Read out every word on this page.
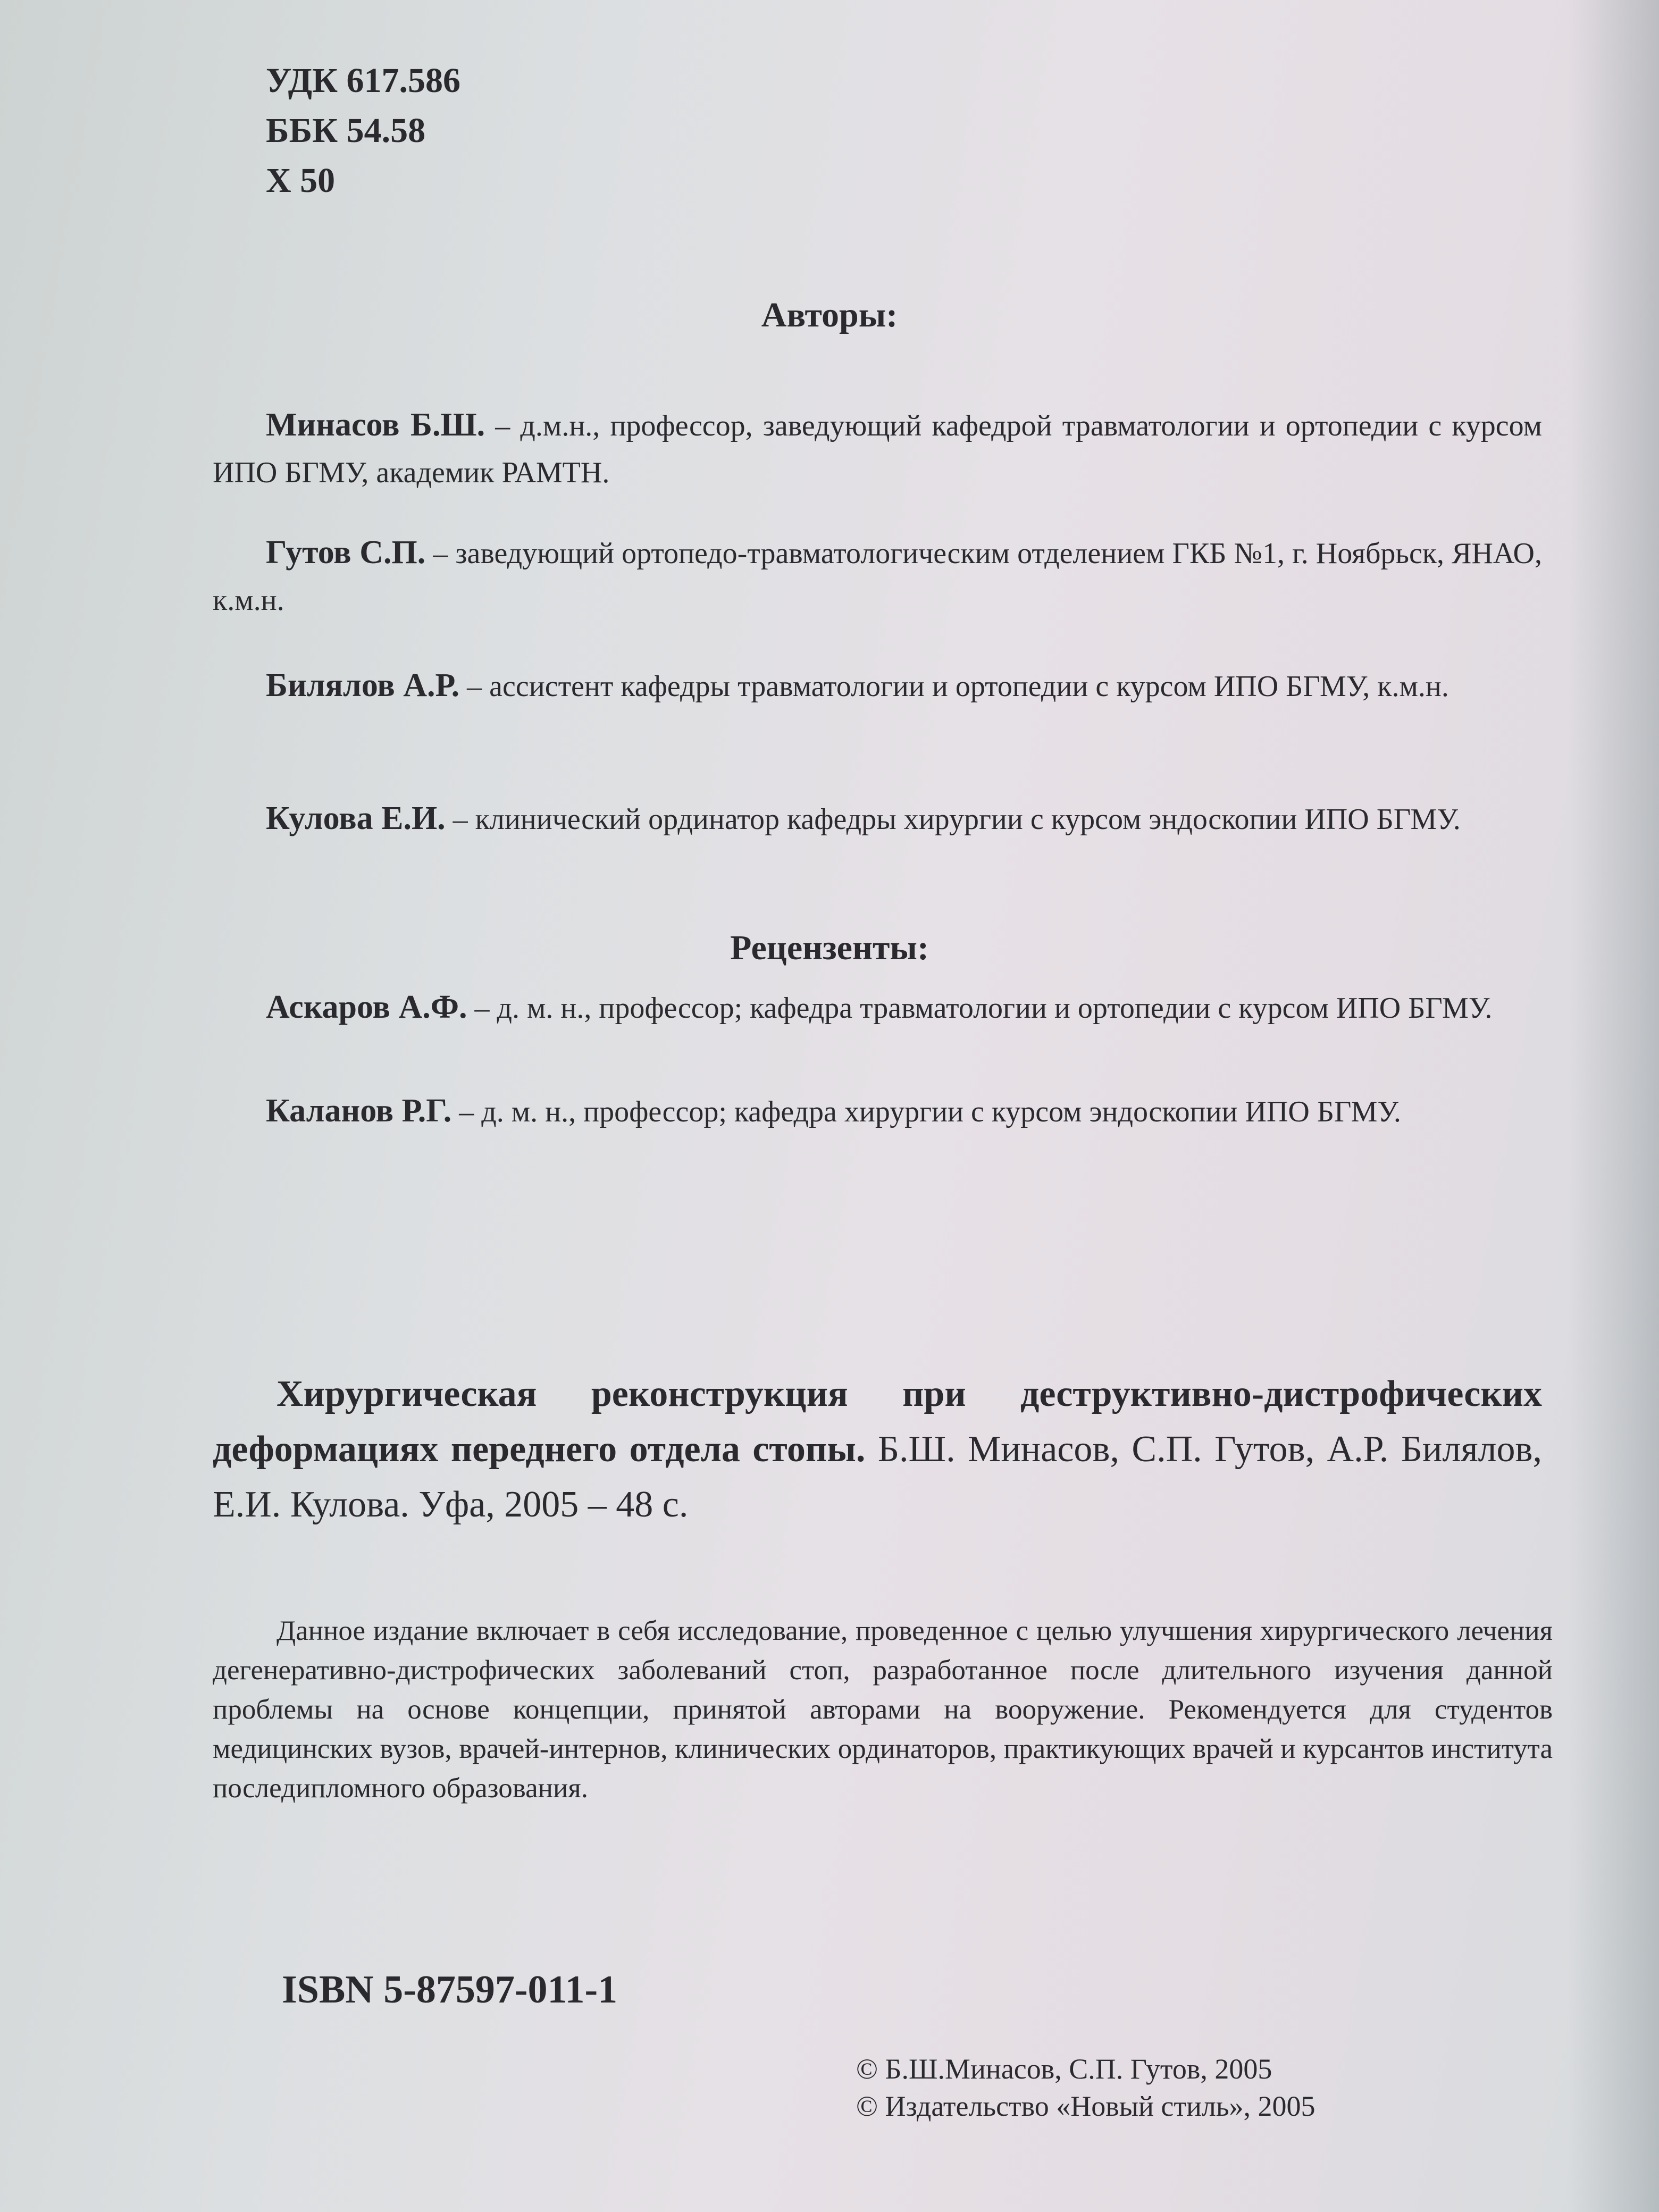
УДК 617.586
ББК 54.58
Х 50
Авторы:
Минасов Б.Ш. – д.м.н., профессор, заведующий кафедрой травматологии и ортопедии с курсом ИПО БГМУ, академик РАМТН.
Гутов С.П. – заведующий ортопедо-травматологическим отделением ГКБ №1, г. Ноябрьск, ЯНАО, к.м.н.
Билялов А.Р. – ассистент кафедры травматологии и ортопедии с курсом ИПО БГМУ, к.м.н.
Кулова Е.И. – клинический ординатор кафедры хирургии с курсом эндоскопии ИПО БГМУ.
Рецензенты:
Аскаров А.Ф. – д. м. н., профессор; кафедра травматологии и ортопедии с курсом ИПО БГМУ.
Каланов Р.Г. – д. м. н., профессор; кафедра хирургии с курсом эндоскопии ИПО БГМУ.
Хирургическая реконструкция при деструктивно-дистрофических деформациях переднего отдела стопы. Б.Ш. Минасов, С.П. Гутов, А.Р. Билялов, Е.И. Кулова. Уфа, 2005 – 48 с.
Данное издание включает в себя исследование, проведенное с целью улучшения хирургического лечения дегенеративно-дистрофических заболеваний стоп, разработанное после длительного изучения данной проблемы на основе концепции, принятой авторами на вооружение. Рекомендуется для студентов медицинских вузов, врачей-интернов, клинических ординаторов, практикующих врачей и курсантов института последипломного образования.
ISBN 5-87597-011-1
© Б.Ш.Минасов, С.П. Гутов, 2005
© Издательство «Новый стиль», 2005
